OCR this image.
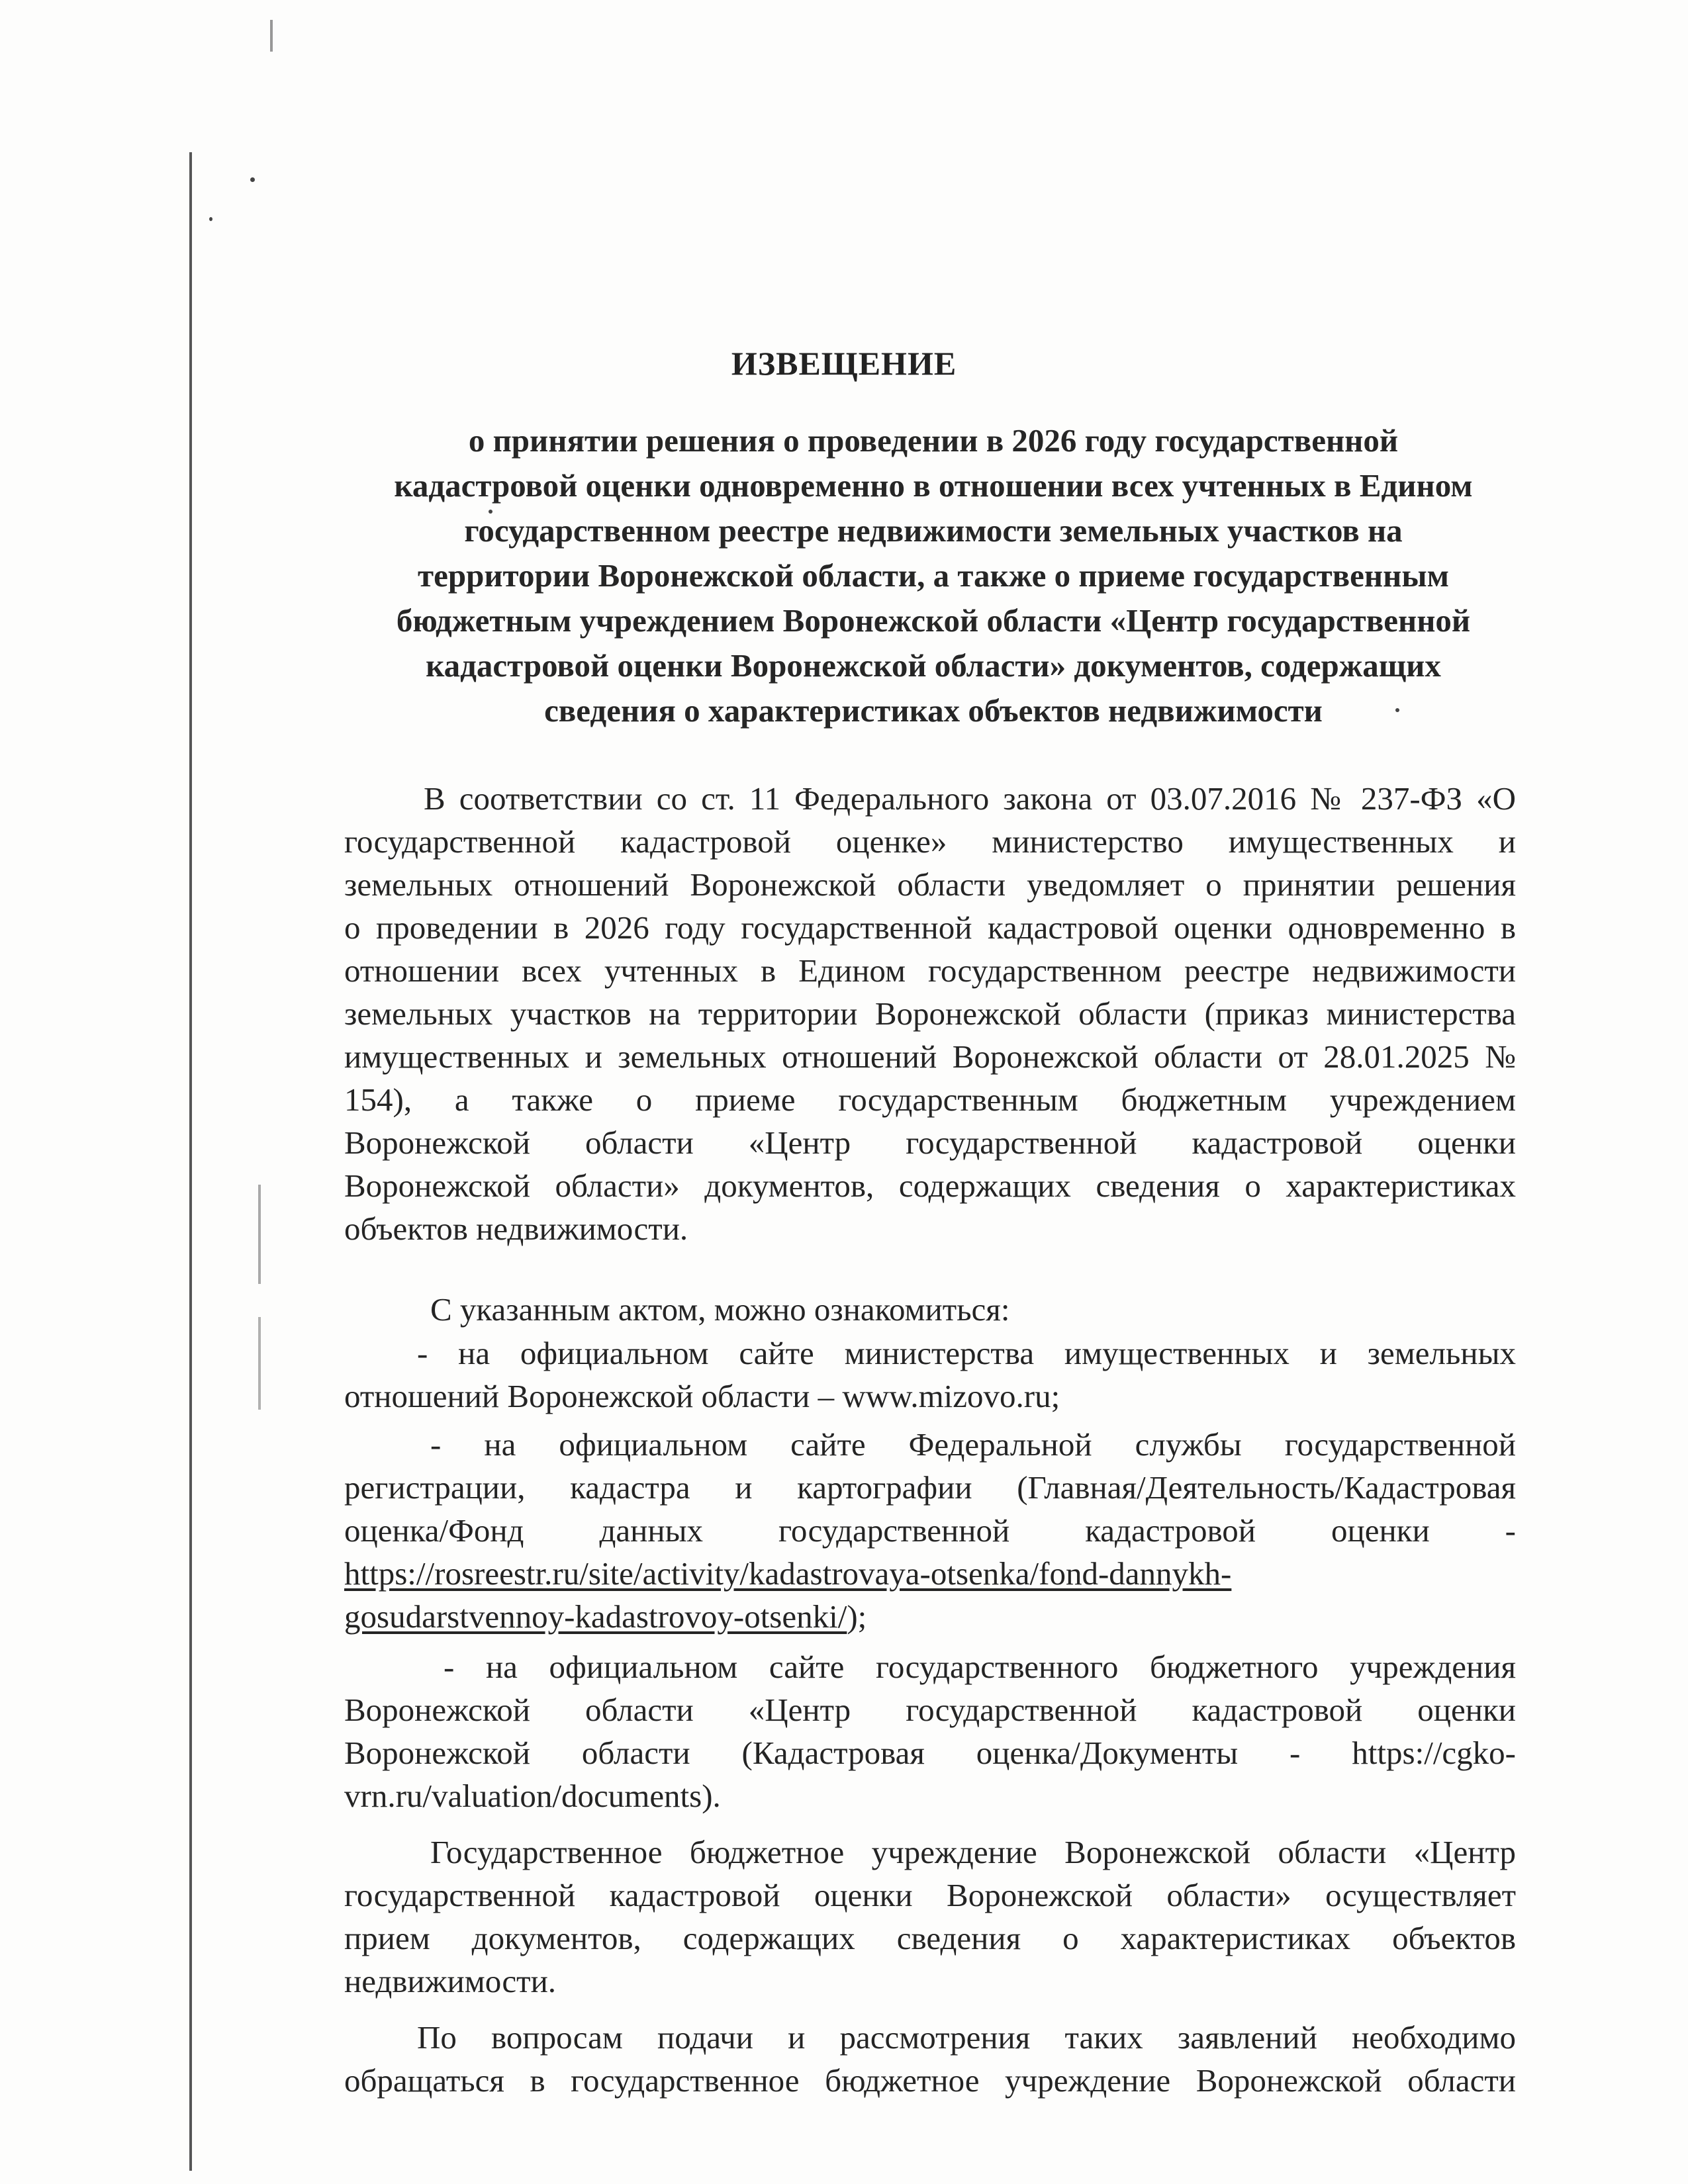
ИЗВЕЩЕНИЕ
о принятии решения о проведении в 2026 году государственной
кадастровой оценки одновременно в отношении всех учтенных в Едином
государственном реестре недвижимости земельных участков на
территории Воронежской области, а также о приеме государственным
бюджетным учреждением Воронежской области «Центр государственной
кадастровой оценки Воронежской области» документов, содержащих
сведения о характеристиках объектов недвижимости
В соответствии со ст. 11 Федерального закона от 03.07.2016 № 237-ФЗ «О
государственной кадастровой оценке» министерство имущественных и
земельных отношений Воронежской области уведомляет о принятии решения
о проведении в 2026 году государственной кадастровой оценки одновременно в
отношении всех учтенных в Едином государственном реестре недвижимости
земельных участков на территории Воронежской области (приказ министерства
имущественных и земельных отношений Воронежской области от 28.01.2025 №
154), а также о приеме государственным бюджетным учреждением
Воронежской области «Центр государственной кадастровой оценки
Воронежской области» документов, содержащих сведения о характеристиках
объектов недвижимости.
С указанным актом, можно ознакомиться:
- на официальном сайте министерства имущественных и земельных
отношений Воронежской области – www.mizovo.ru;
- на официальном сайте Федеральной службы государственной
регистрации, кадастра и картографии (Главная/Деятельность/Кадастровая
оценка/Фонд данных государственной кадастровой оценки -
https://rosreestr.ru/site/activity/kadastrovaya-otsenka/fond-dannykh-
gosudarstvennoy-kadastrovoy-otsenki/);
- на официальном сайте государственного бюджетного учреждения
Воронежской области «Центр государственной кадастровой оценки
Воронежской области (Кадастровая оценка/Документы - https://cgko-
vrn.ru/valuation/documents).
Государственное бюджетное учреждение Воронежской области «Центр
государственной кадастровой оценки Воронежской области» осуществляет
прием документов, содержащих сведения о характеристиках объектов
недвижимости.
По вопросам подачи и рассмотрения таких заявлений необходимо
обращаться в государственное бюджетное учреждение Воронежской области
